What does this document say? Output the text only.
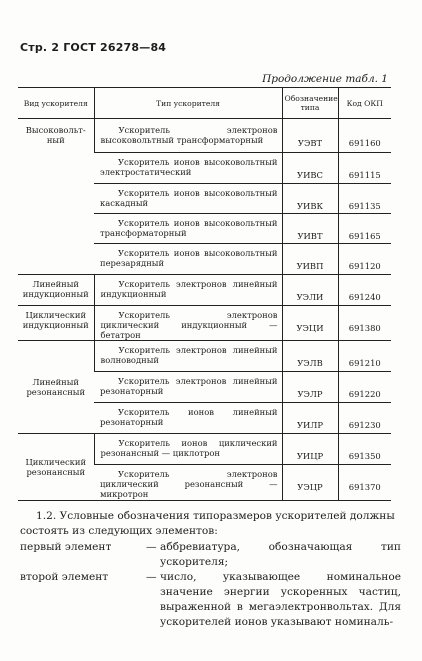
Стр. 2 ГОСТ 26278—84
Продолжение табл. 1
Вид ускорителя	Тип ускорителя	Обозначение типа	Код ОКП

Высоковольт-ный	Ускоритель электронов высоковольтный трансформаторный	УЭВТ	691160

	Ускоритель ионов высоковольтный электростатический	УИВС	691115

	Ускоритель ионов высоковольтный каскадный	УИВК	691135

	Ускоритель ионов высоковольтный трансформаторный	УИВТ	691165

	Ускоритель ионов высоковольтный перезарядный	УИВП	691120

Линейный индукционный	Ускоритель электронов линейный индукционный	УЭЛИ	691240

Циклический индукционный	Ускоритель электронов циклический индукционный — бетатрон	УЭЦИ	691380

Линейный резонансный	Ускоритель электронов линейный волноводный	УЭЛВ	691210

	Ускоритель электронов линейный резонаторный	УЭЛР	691220

	Ускоритель ионов линейный резонаторный	УИЛР	691230

Циклический резонансный	Ускоритель ионов циклический резонансный — циклотрон	УИЦР	691350

	Ускоритель электронов циклический резонансный — микротрон	УЭЦР	691370
1.2. Условные обозначения типоразмеров ускорителей должны
состоять из следующих элементов:
первый элемент	— аббревиатура, обозначающая тип ускорителя;
второй элемент	— число, указывающее номинальное значение энергии ускоренных частиц, выраженной в мегаэлектронвольтах. Для ускорителей ионов указывают номиналь-
